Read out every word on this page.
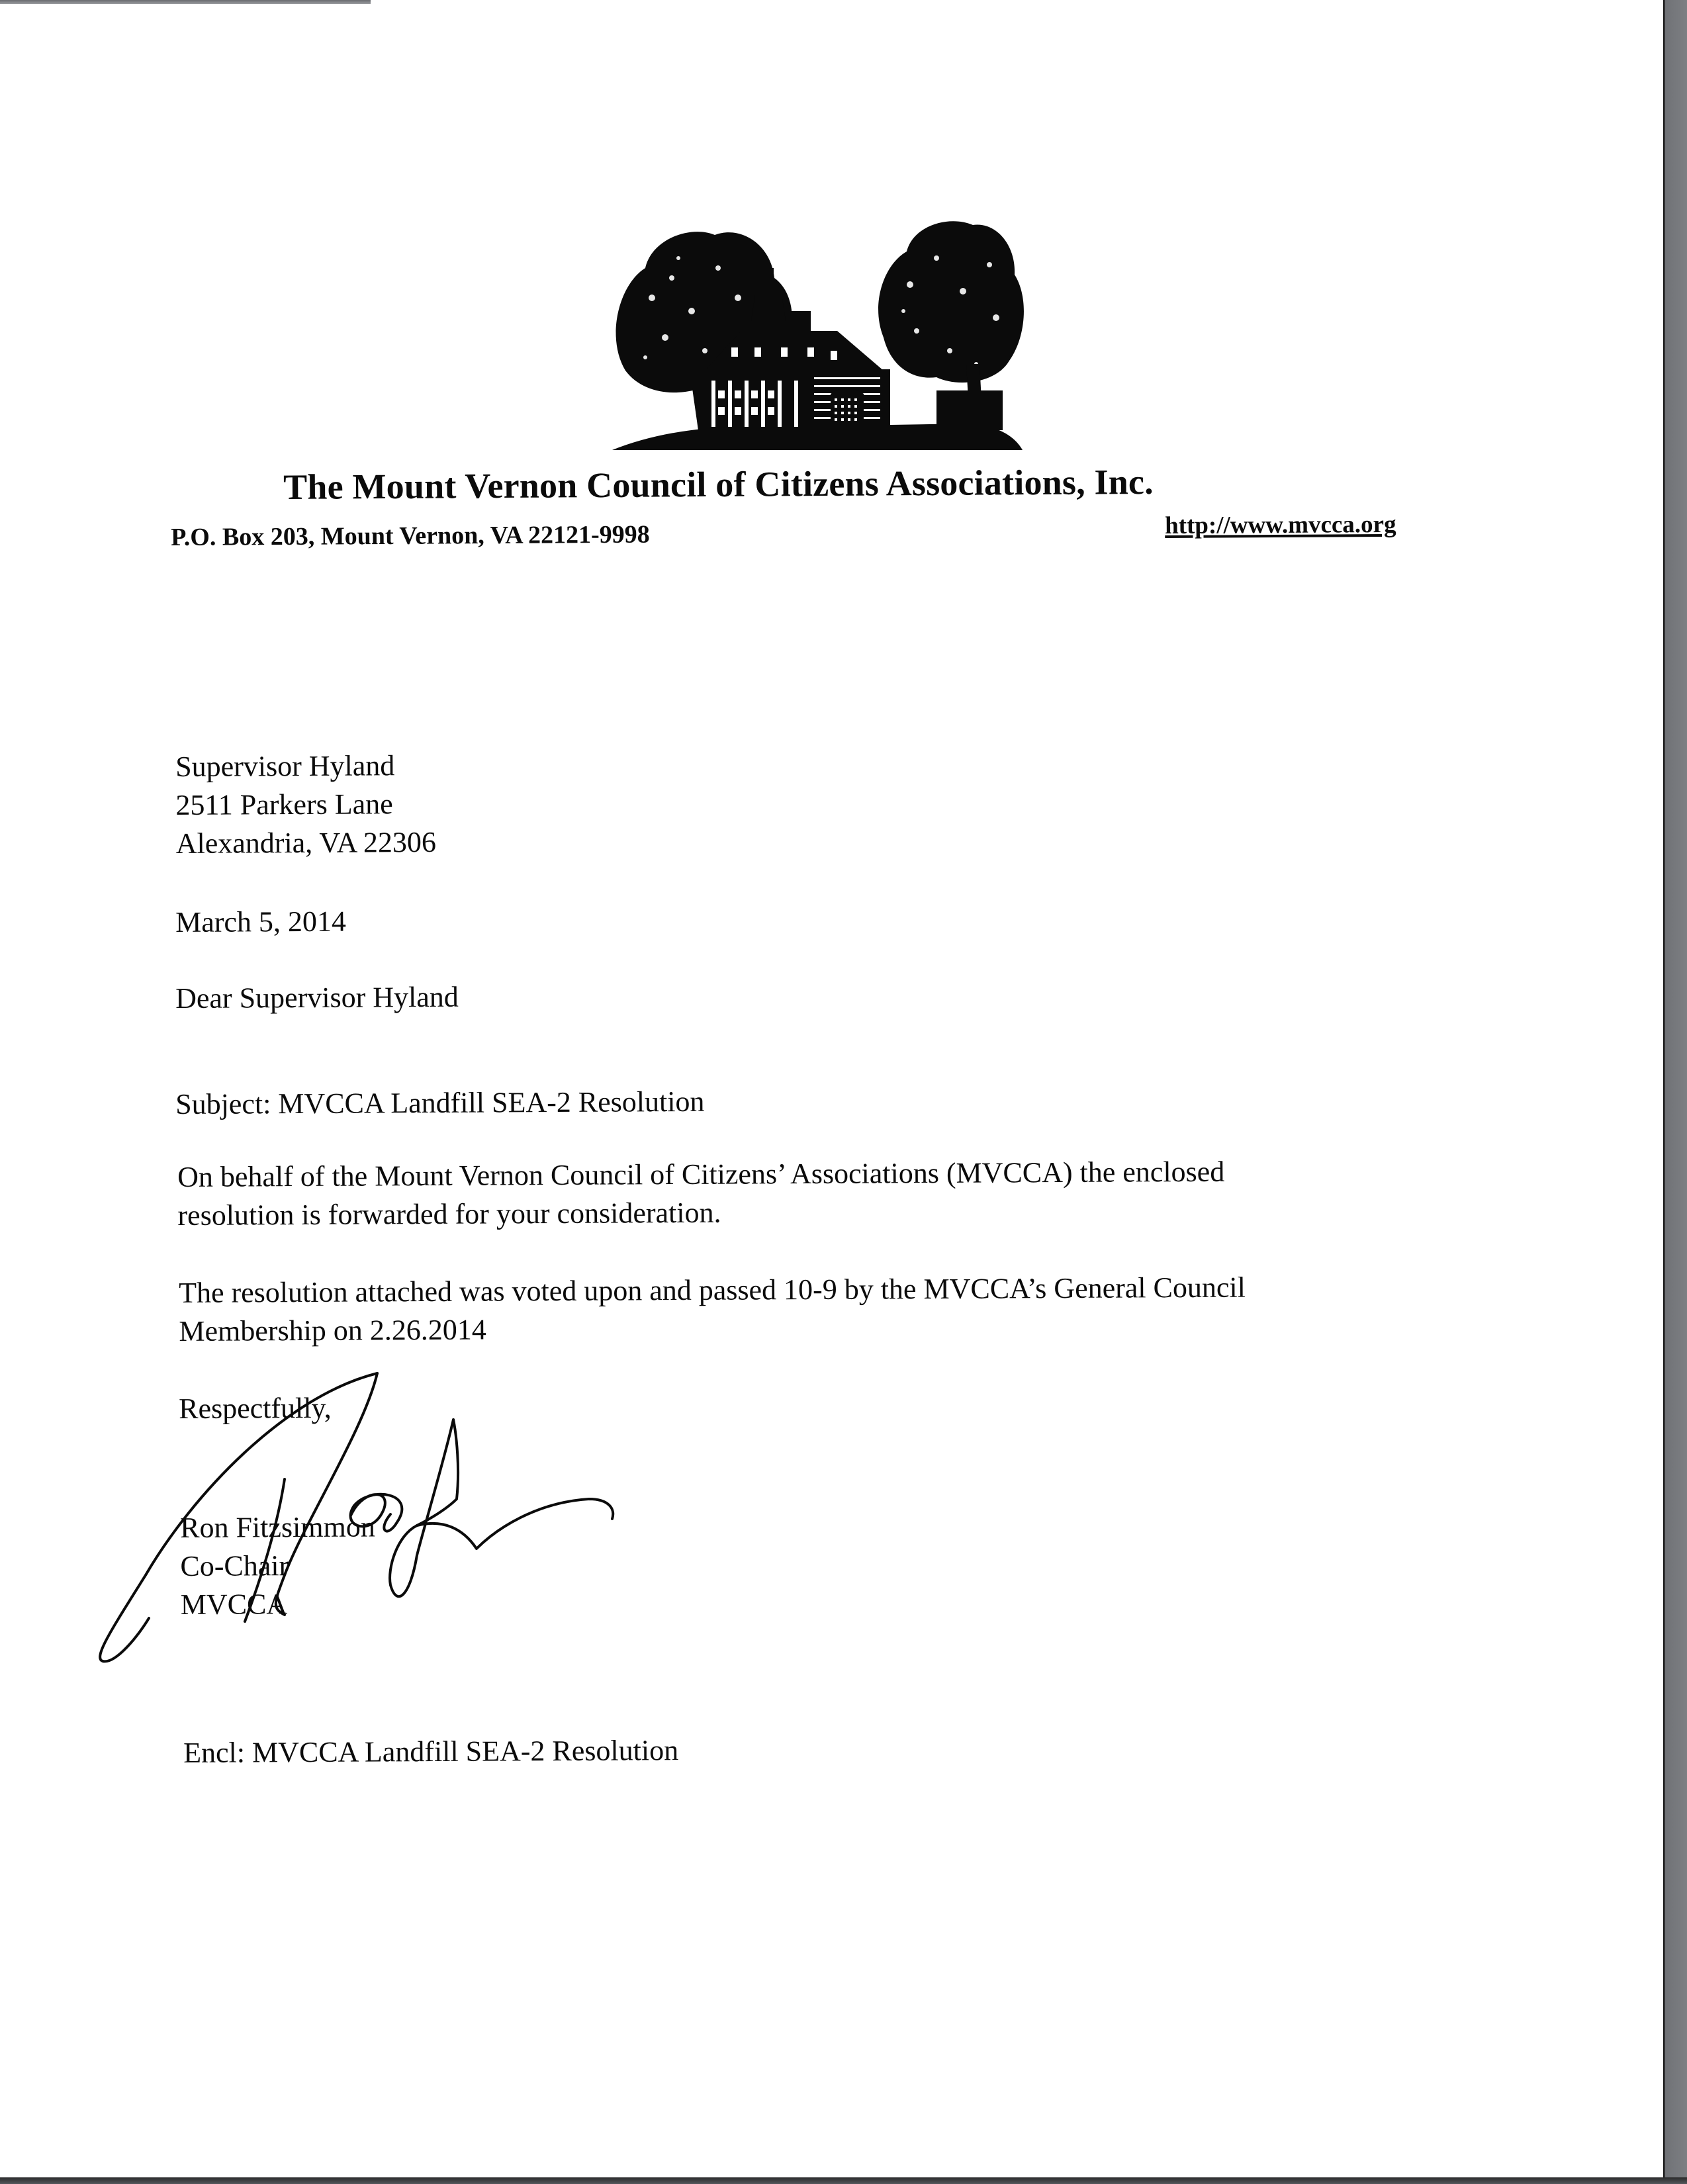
The Mount Vernon Council of Citizens Associations, Inc.
P.O. Box 203, Mount Vernon, VA 22121-9998	http://www.mvcca.org
Supervisor Hyland
2511 Parkers Lane
Alexandria, VA 22306
March 5, 2014
Dear Supervisor Hyland
Subject: MVCCA Landfill SEA-2 Resolution
On behalf of the Mount Vernon Council of Citizens’ Associations (MVCCA) the enclosed
resolution is forwarded for your consideration.
The resolution attached was voted upon and passed 10-9 by the MVCCA’s General Council
Membership on 2.26.2014
Respectfully,
Ron Fitzsimmon
Co-Chair
MVCCA
Encl: MVCCA Landfill SEA-2 Resolution
